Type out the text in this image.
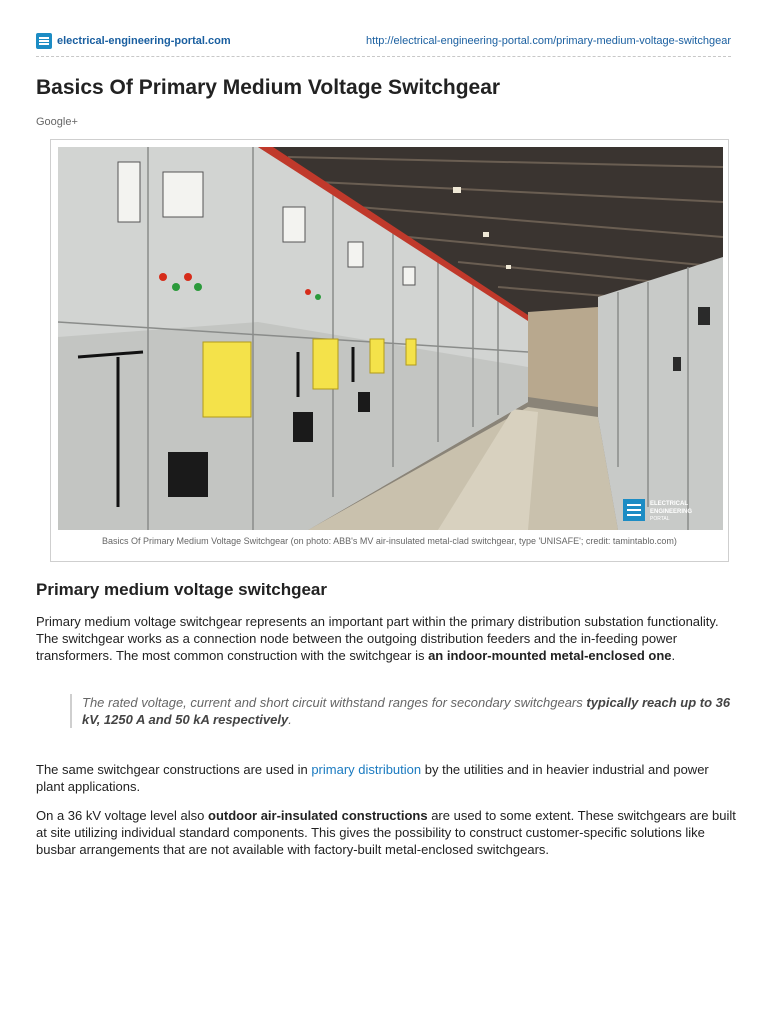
electrical-engineering-portal.com	http://electrical-engineering-portal.com/primary-medium-voltage-switchgear
Basics Of Primary Medium Voltage Switchgear
Google+
ELECTRICAL
ENGINEERING
PORTAL
Basics Of Primary Medium Voltage Switchgear (on photo: ABB's MV air-insulated metal-clad switchgear, type 'UNISAFE'; credit: tamintablo.com)
Primary medium voltage switchgear

Primary medium voltage switchgear represents an important part within the primary distribution substation functionality. The switchgear works as a connection node between the outgoing distribution feeders and the in-feeding power transformers. The most common construction with the switchgear is an indoor-mounted metal-enclosed one.

The rated voltage, current and short circuit withstand ranges for secondary switchgears typically reach up to 36 kV, 1250 A and 50 kA respectively.

The same switchgear constructions are used in primary distribution by the utilities and in heavier industrial and power plant applications.

On a 36 kV voltage level also outdoor air-insulated constructions are used to some extent. These switchgears are built at site utilizing individual standard components. This gives the possibility to construct customer-specific solutions like busbar arrangements that are not available with factory-built metal-enclosed switchgears.
